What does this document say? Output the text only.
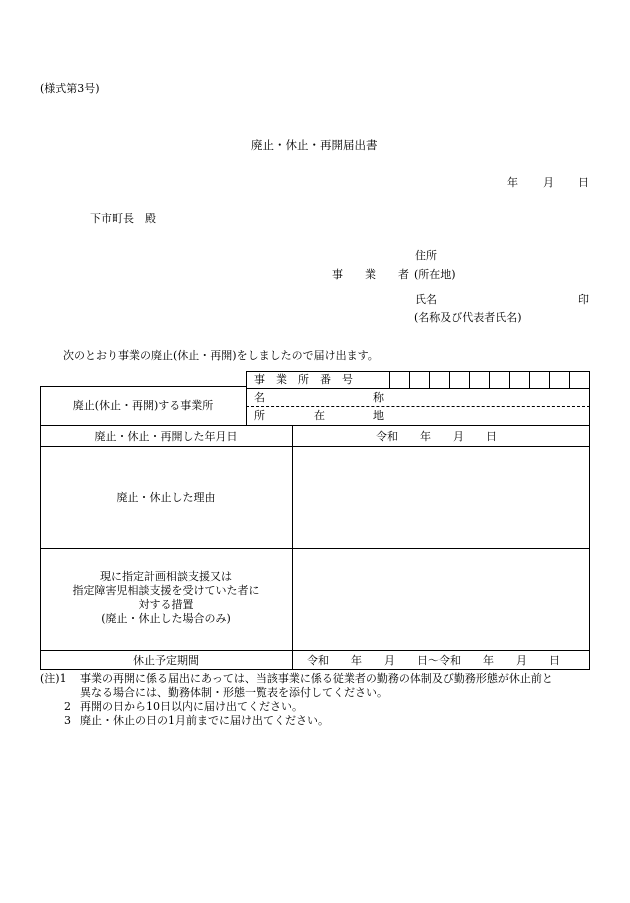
(様式第3号)
廃止・休止・再開届出書
年 月 日
下市町長　殿
住所
事　　業　　者 (所在地)
氏名	印
(名称及び代表者氏名)
次のとおり事業の廃止(休止・再開)をしましたので届け出ます。
廃止(休止・再開)する事業所
事　業　所　番　号
名	称
所	在	地
廃止・休止・再開した年月日	令和　　年　　月　　日
廃止・休止した理由
現に指定計画相談支援又は
指定障害児相談支援を受けていた者に
対する措置
(廃止・休止した場合のみ)
休止予定期間	令和　　年　　月　　日〜令和　　年　　月　　日
(注)1 事業の再開に係る届出にあっては、当該事業に係る従業者の勤務の体制及び勤務形態が休止前と
異なる場合には、勤務体制・形態一覧表を添付してください。
2 再開の日から10日以内に届け出てください。
3 廃止・休止の日の1月前までに届け出てください。
